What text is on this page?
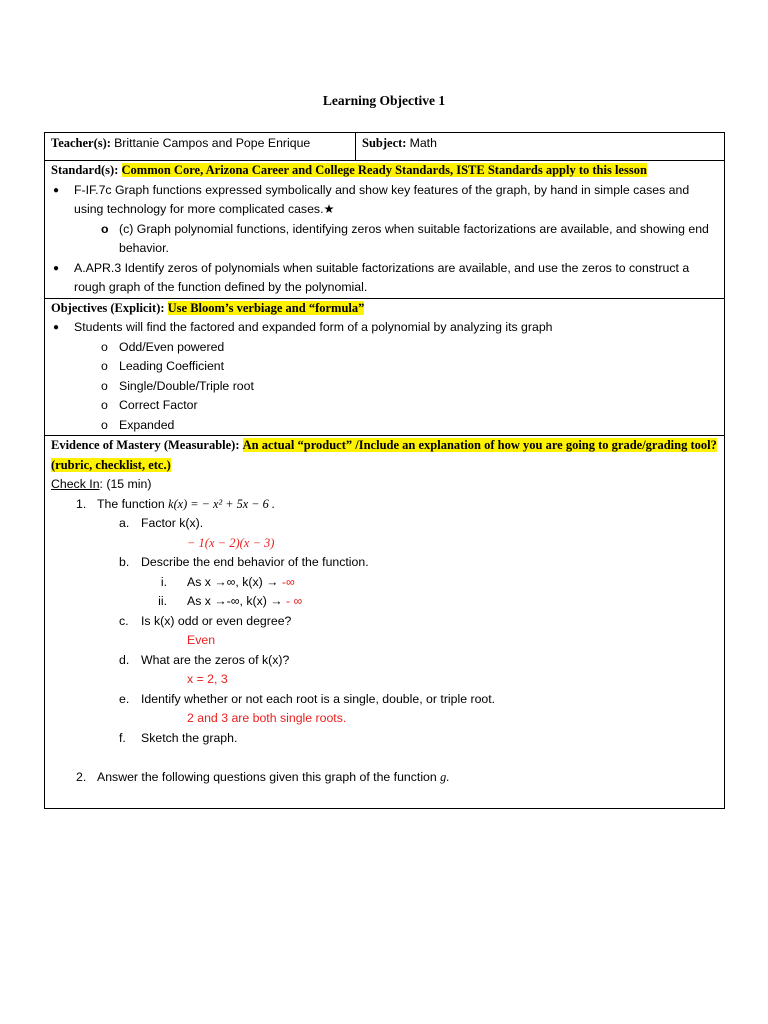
Learning Objective 1
Teacher(s): Brittanie Campos and Pope Enrique	Subject: Math

Standard(s): Common Core, Arizona Career and College Ready Standards, ISTE Standards apply to this lesson
● F-IF.7c Graph functions expressed symbolically and show key features of the graph, by hand in simple cases and using technology for more complicated cases.★
o (c) Graph polynomial functions, identifying zeros when suitable factorizations are available, and showing end behavior.
● A.APR.3 Identify zeros of polynomials when suitable factorizations are available, and use the zeros to construct a rough graph of the function defined by the polynomial.

Objectives (Explicit): Use Bloom’s verbiage and “formula”
● Students will find the factored and expanded form of a polynomial by analyzing its graph
o Odd/Even powered
o Leading Coefficient
o Single/Double/Triple root
o Correct Factor
o Expanded

Evidence of Mastery (Measurable): An actual “product” /Include an explanation of how you are going to grade/grading tool? (rubric, checklist, etc.)
Check In: (15 min)
1. The function k(x) = − x² + 5x − 6 .
a. Factor k(x).
− 1(x − 2)(x − 3)
b. Describe the end behavior of the function.
i. As x →∞, k(x) → -∞
ii. As x →-∞, k(x) → - ∞
c. Is k(x) odd or even degree?
Even
d. What are the zeros of k(x)?
x = 2, 3
e. Identify whether or not each root is a single, double, or triple root.
2 and 3 are both single roots.
f. Sketch the graph.

2. Answer the following questions given this graph of the function g.
